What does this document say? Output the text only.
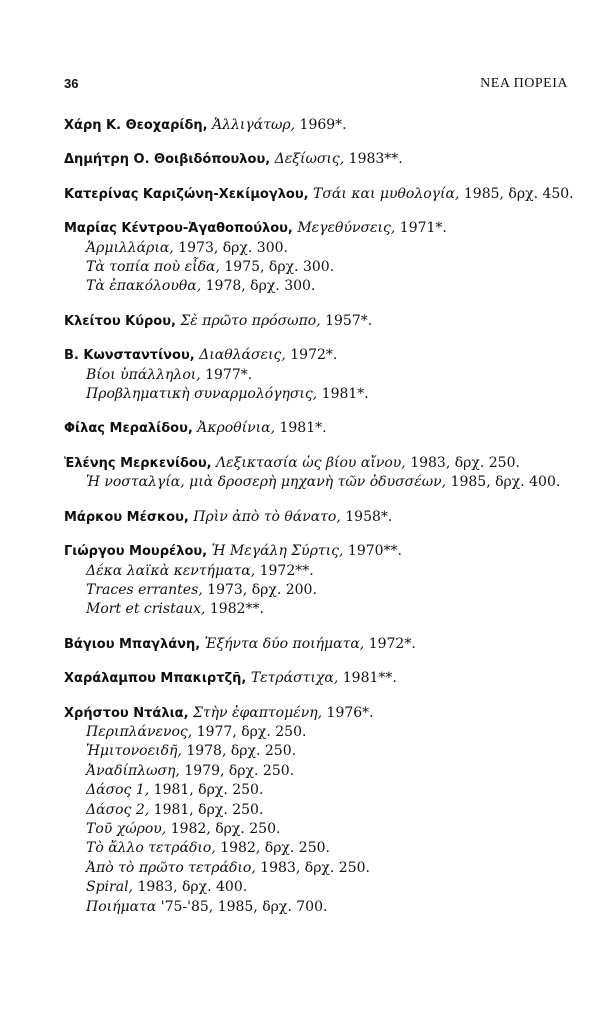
36	ΝΕΑ ΠΟΡΕΙΑ
Χάρη Κ. Θεοχαρίδη, Ἀλλιγάτωρ, 1969*.
Δημήτρη Ο. Θοιβιδόπουλου, Δεξίωσις, 1983**.
Κατερίνας Καριζώνη-Χεκίμογλου, Τσάι και μυθολογία, 1985, δρχ. 450.
Μαρίας Κέντρου-Ἀγαθοπούλου, Μεγεθύνσεις, 1971*.
Ἁρμιλλάρια, 1973, δρχ. 300.
Τὰ τοπία ποὺ εἶδα, 1975, δρχ. 300.
Τὰ ἐπακόλουθα, 1978, δρχ. 300.
Κλείτου Κύρου, Σὲ πρῶτο πρόσωπο, 1957*.
Β. Κωνσταντίνου, Διαθλάσεις, 1972*.
Βίοι ὑπάλληλοι, 1977*.
Προβληματικὴ συναρμολόγησις, 1981*.
Φίλας Μεραλίδου, Ἀκροθίνια, 1981*.
Ἑλένης Μερκενίδου, Λεξικτασία ὡς βίου αἴνου, 1983, δρχ. 250.
Ἡ νοσταλγία, μιὰ δροσερὴ μηχανὴ τῶν ὀδυσσέων, 1985, δρχ. 400.
Μάρκου Μέσκου, Πρὶν ἀπὸ τὸ θάνατο, 1958*.
Γιώργου Μουρέλου, Ἡ Μεγάλη Σύρτις, 1970**.
Δέκα λαϊκὰ κεντήματα, 1972**.
Traces errantes, 1973, δρχ. 200.
Mort et cristaux, 1982**.
Βάγιου Μπαγλάνη, Ἑξήντα δύο ποιήματα, 1972*.
Χαράλαμπου Μπακιρτζῆ, Τετράστιχα, 1981**.
Χρήστου Ντάλια, Στὴν ἐφαπτομένη, 1976*.
Περιπλάνενος, 1977, δρχ. 250.
Ἡμιτονοειδῆ, 1978, δρχ. 250.
Ἀναδίπλωση, 1979, δρχ. 250.
Δάσος 1, 1981, δρχ. 250.
Δάσος 2, 1981, δρχ. 250.
Τοῦ χώρου, 1982, δρχ. 250.
Τὸ ἄλλο τετράδιο, 1982, δρχ. 250.
Ἀπὸ τὸ πρῶτο τετράδιο, 1983, δρχ. 250.
Spiral, 1983, δρχ. 400.
Ποιήματα '75-'85, 1985, δρχ. 700.
